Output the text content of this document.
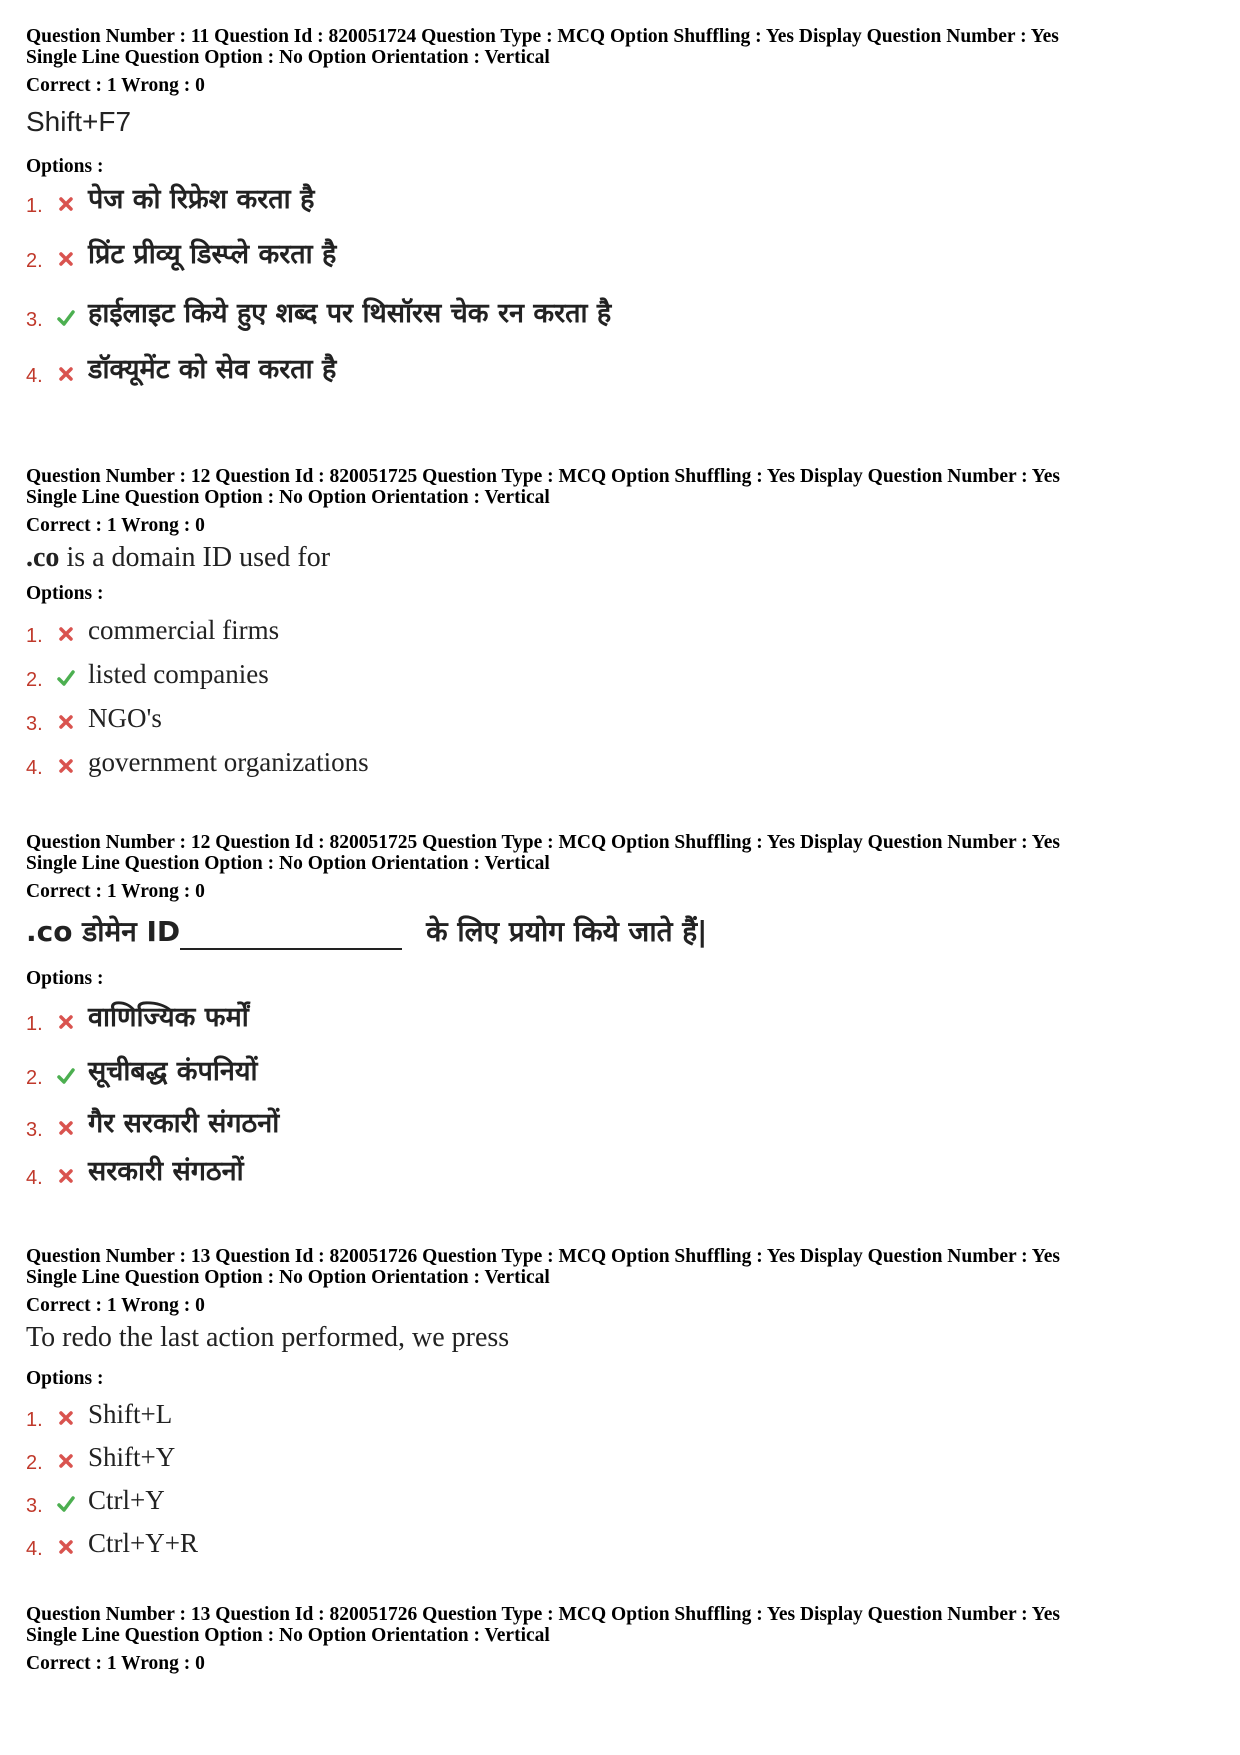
Question Number : 11 Question Id : 820051724 Question Type : MCQ Option Shuffling : Yes Display Question Number : Yes
Single Line Question Option : No Option Orientation : Vertical
Correct : 1 Wrong : 0
Shift+F7
Options :
1. पेज को रिफ्रेश करता है
2. प्रिंट प्रीव्यू डिस्प्ले करता है
3. हाईलाइट किये हुए शब्द पर थिसॉरस चेक रन करता है
4. डॉक्यूमेंट को सेव करता है
Question Number : 12 Question Id : 820051725 Question Type : MCQ Option Shuffling : Yes Display Question Number : Yes
Single Line Question Option : No Option Orientation : Vertical
Correct : 1 Wrong : 0
.co is a domain ID used for
Options :
1. commercial firms
2. listed companies
3. NGO's
4. government organizations
Question Number : 12 Question Id : 820051725 Question Type : MCQ Option Shuffling : Yes Display Question Number : Yes
Single Line Question Option : No Option Orientation : Vertical
Correct : 1 Wrong : 0
.co डोमेन ID	के लिए प्रयोग किये जाते हैं|
Options :
1. वाणिज्यिक फर्मों
2. सूचीबद्ध कंपनियों
3. गैर सरकारी संगठनों
4. सरकारी संगठनों
Question Number : 13 Question Id : 820051726 Question Type : MCQ Option Shuffling : Yes Display Question Number : Yes
Single Line Question Option : No Option Orientation : Vertical
Correct : 1 Wrong : 0
To redo the last action performed, we press
Options :
1. Shift+L
2. Shift+Y
3. Ctrl+Y
4. Ctrl+Y+R
Question Number : 13 Question Id : 820051726 Question Type : MCQ Option Shuffling : Yes Display Question Number : Yes
Single Line Question Option : No Option Orientation : Vertical
Correct : 1 Wrong : 0
